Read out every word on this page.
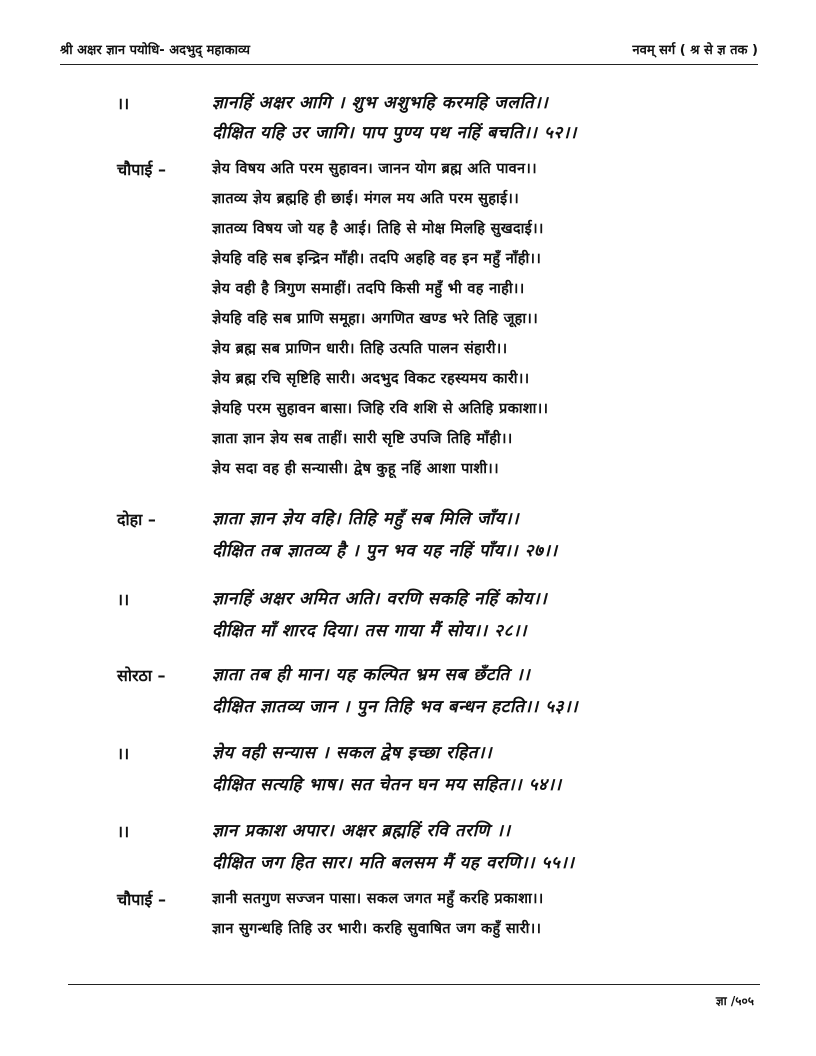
श्री अक्षर ज्ञान पयोधि- अदभुद् महाकाव्य	नवम् सर्ग ( श्र से ज्ञ तक )
।।	ज्ञानहिं अक्षर आगि । शुभ अशुभहि करमहि जलति।।
दीक्षित यहि उर जागि। पाप पुण्य पथ नहिं बचति।। ५२।।
चौपाई –	ज्ञेय विषय अति परम सुहावन। जानन योग ब्रह्म अति पावन।।
ज्ञातव्य ज्ञेय ब्रह्महि ही छाई। मंगल मय अति परम सुहाई।।
ज्ञातव्य विषय जो यह है आई। तिहि से मोक्ष मिलहि सुखदाई।।
ज्ञेयहि वहि सब इन्द्रिन माँही। तदपि अहहि वह इन महुँ नाँही।।
ज्ञेय वही है त्रिगुण समाहीं। तदपि किसी महुँ भी वह नाही।।
ज्ञेयहि वहि सब प्राणि समूहा। अगणित खण्ड भरे तिहि जूहा।।
ज्ञेय ब्रह्म सब प्राणिन धारी। तिहि उत्पति पालन संहारी।।
ज्ञेय ब्रह्म रचि सृष्टिहि सारी। अदभुद विकट रहस्यमय कारी।।
ज्ञेयहि परम सुहावन बासा। जिहि रवि शशि से अतिहि प्रकाशा।।
ज्ञाता ज्ञान ज्ञेय सब ताहीं। सारी सृष्टि उपजि तिहि माँही।।
ज्ञेय सदा वह ही सन्यासी। द्वेष कुहू नहिं आशा पाशी।।
दोहा –	ज्ञाता ज्ञान ज्ञेय वहि। तिहि महुँ सब मिलि जाँय।।
दीक्षित तब ज्ञातव्य है । पुन भव यह नहिं पाँय।। २७।।
।।	ज्ञानहिं अक्षर अमित अति। वरणि सकहि नहिं कोय।।
दीक्षित माँ शारद दिया। तस गाया मैं सोय।। २८।।
सोरठा –	ज्ञाता तब ही मान। यह कल्पित भ्रम सब छँटति ।।
दीक्षित ज्ञातव्य जान । पुन तिहि भव बन्धन हटति।। ५३।।
।।	ज्ञेय वही सन्यास । सकल द्वेष इच्छा रहित।।
दीक्षित सत्यहि भाष। सत चेतन घन मय सहित।। ५४।।
।।	ज्ञान प्रकाश अपार। अक्षर ब्रह्महिं रवि तरणि ।।
दीक्षित जग हित सार। मति बलसम मैं यह वरणि।। ५५।।
चौपाई –	ज्ञानी सतगुण सज्जन पासा। सकल जगत महुँ करहि प्रकाशा।।
ज्ञान सुगन्धहि तिहि उर भारी। करहि सुवाषित जग कहुँ सारी।।
ज्ञा /५०५
